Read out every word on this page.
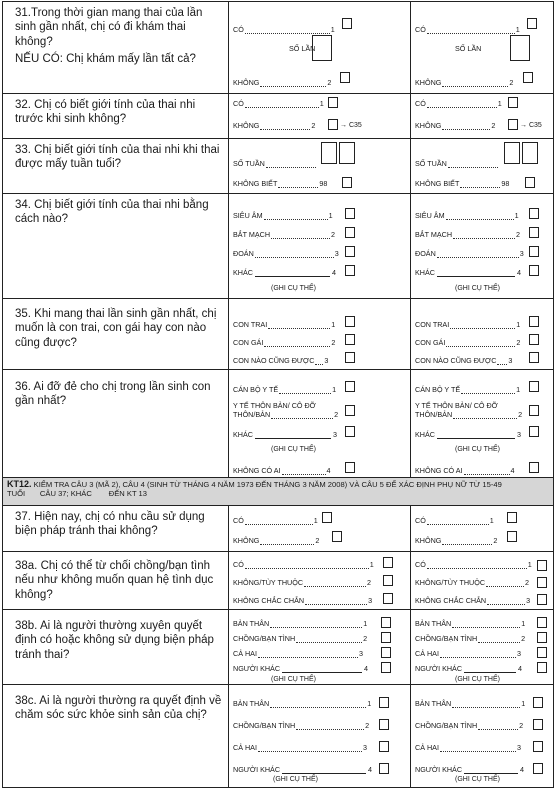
31.Trong thời gian mang thai của lần sinh gần nhất, chị có đi khám thai không?
NẾU CÓ: Chị khám mấy lần tất cả?
CÓ	1
SỐ LẦN
KHÔNG	2
CÓ	1
SỐ LẦN
KHÔNG	2
32. Chị có biết giới tính của thai nhi trước khi sinh không?
CÓ	1
KHÔNG	2	→ C35
CÓ	1
KHÔNG	2	→ C35
33. Chị biết giới tính của thai nhi khi thai được mấy tuần tuổi?	SỐ TUẦN
KHÔNG BIẾT	98
SỐ TUẦN
KHÔNG BIẾT	98
34. Chị biết giới tính của thai nhi bằng cách nào?	SIÊU ÂM	1
BẮT MẠCH	2
ĐOÁN	3
KHÁC	4
(GHI CỤ THỂ)
SIÊU ÂM	1
BẮT MẠCH	2
ĐOÁN	3
KHÁC	4
(GHI CỤ THỂ)
35. Khi mang thai lần sinh gần nhất, chị muốn là con trai, con gái hay con nào cũng được?
CON TRAI	1
CON GÁI	2
CON NÀO CŨNG ĐƯỢC 3
CON TRAI	1
CON GÁI	2
CON NÀO CŨNG ĐƯỢC 3
36. Ai đỡ đẻ cho chị trong lần sinh con gần nhất?
CÁN BỘ Y TẾ	1
Y TẾ THÔN BẢN/ CÔ ĐỠ
THÔN/BẢN	2
KHÁC	3
(GHI CỤ THỂ)
KHÔNG CÓ AI	4
CÁN BỘ Y TẾ	1
Y TẾ THÔN BẢN/ CÔ ĐỠ
THÔN/BẢN	2
KHÁC	3
(GHI CỤ THỂ)
KHÔNG CÓ AI	4
KT12. KIỂM TRA CÂU 3 (MÃ 2), CÂU 4 (SINH TỪ THÁNG 4 NĂM 1973 ĐẾN THÁNG 3 NĂM 2008) VÀ CÂU 5 ĐỂ XÁC ĐỊNH PHỤ NỮ TỪ 15-49
TUỔI CÂU 37; KHÁC ĐẾN KT 13
37. Hiện nay, chị có nhu cầu sử dụng biện pháp tránh thai không?
CÓ	1
KHÔNG	2
CÓ	1
KHÔNG	2
38a. Chị có thể từ chối chồng/bạn tình nếu như không muốn quan hệ tình dục không?
CÓ	1
KHÔNG/TÙY THUỘC	2
KHÔNG CHẮC CHẮN	3
CÓ	1
KHÔNG/TÙY THUỘC	2
KHÔNG CHẮC CHẮN	3
38b. Ai là người thường xuyên quyết định có hoặc không sử dụng biện pháp tránh thai?
BẢN THÂN	1
CHỒNG/BẠN TÌNH	2
CẢ HAI	3
NGƯỜI KHÁC	4
(GHI CỤ THỂ)
BẢN THÂN	1
CHỒNG/BẠN TÌNH	2
CẢ HAI	3
NGƯỜI KHÁC	4
(GHI CỤ THỂ)
38c. Ai là người thường ra quyết định về chăm sóc sức khỏe sinh sản của chị?
BẢN THÂN	1
CHỒNG/BẠN TÌNH	2
CẢ HAI	3
NGƯỜI KHÁC	4
(GHI CỤ THỂ)
BẢN THÂN	1
CHỒNG/BẠN TÌNH	2
CẢ HAI	3
NGƯỜI KHÁC	4
(GHI CỤ THỂ)
